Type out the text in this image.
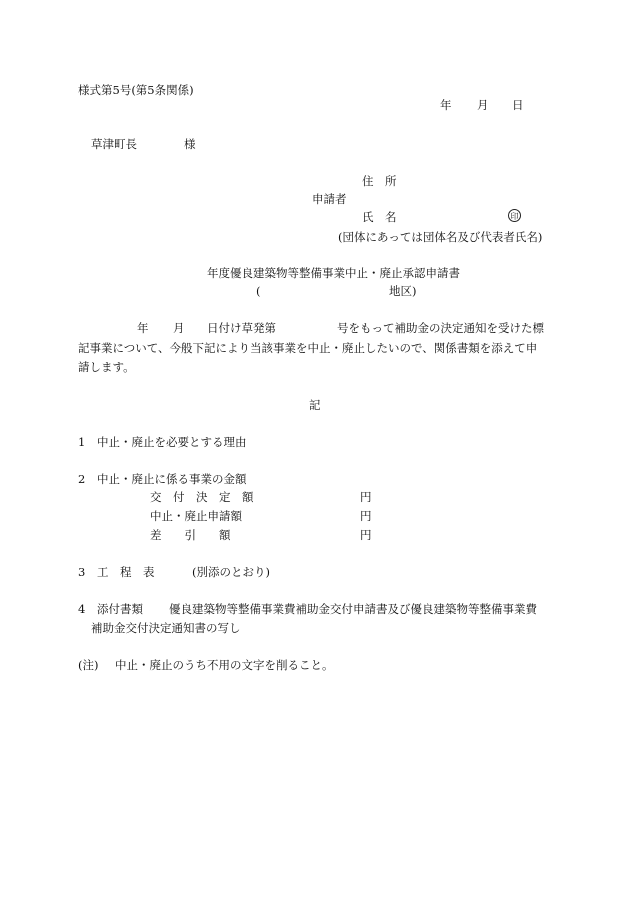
様式第5号(第5条関係)
年 月 日
草津町長	様
住　所
申請者
氏　名	印
(団体にあっては団体名及び代表者氏名)
年度優良建築物等整備事業中止・廃止承認申請書
(	地区)
年 月 日付け草発第	号をもって補助金の決定通知を受けた標
記事業について、今般下記により当該事業を中止・廃止したいので、関係書類を添えて申
請します。
記
1 中止・廃止を必要とする理由
2 中止・廃止に係る事業の金額
交　付　決　定　額	円
中止・廃止申請額	円
差　　引　　額	円
3 工　程　表	(別添のとおり)
4 添付書類 優良建築物等整備事業費補助金交付申請書及び優良建築物等整備事業費
補助金交付決定通知書の写し
(注) 中止・廃止のうち不用の文字を削ること。
